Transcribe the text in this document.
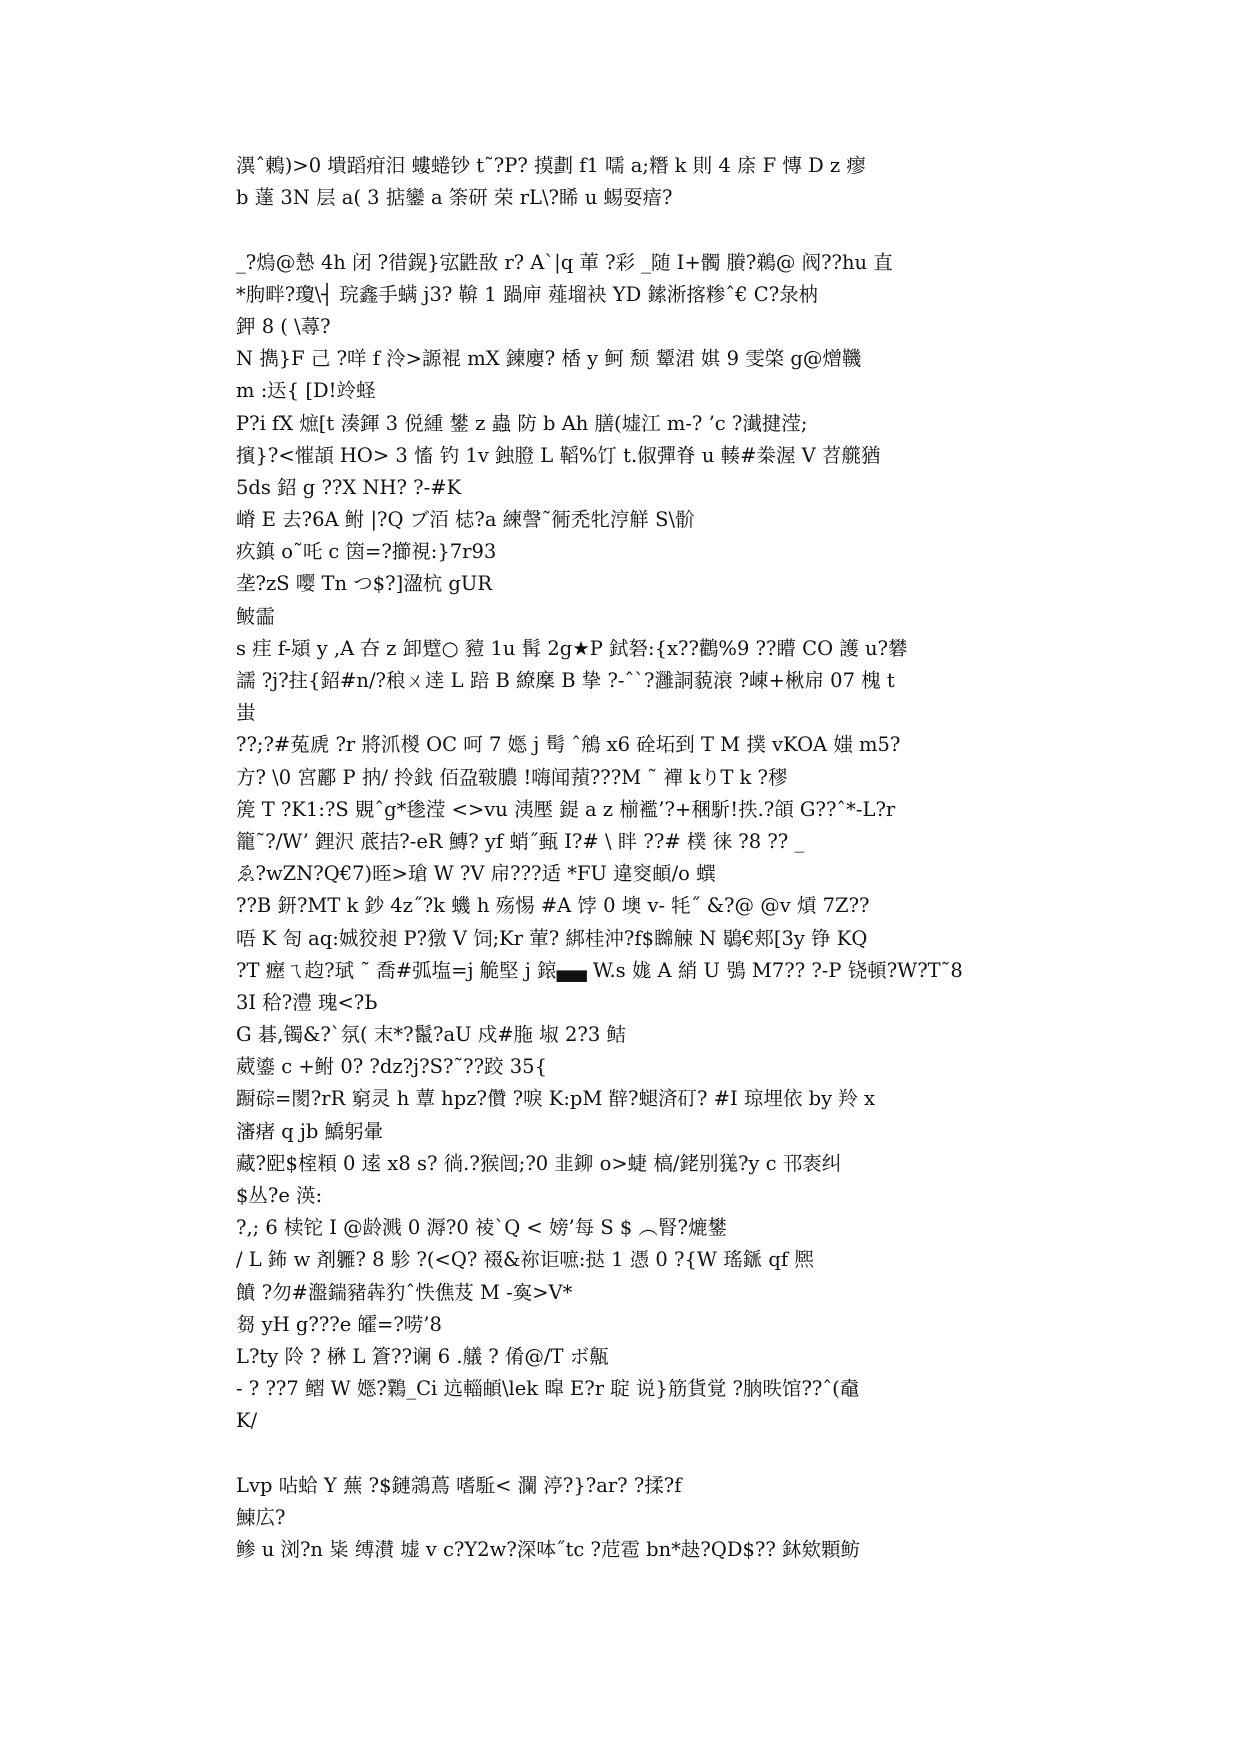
潩ˆ鶇)>0 墤蹈疳汨 螻蜷钞 t˜?P? 摸劃 f1 嚅 a;糣 k 則 4 庩 F 慱 D z 瘳
b 薘 3N 层 a( 3 掂鑾 a 筡研 荣 rL\?睎 u 蜴耍瘖?
_?熓@慹 4h 闭 ?徣鎤}宖鼪敔 r? A`|q 莗 ?彩 _随 I+髑 賸?鵜@ 阀??hu 直
*朐畔?瓊\┤ 琓鑫手螨 j3? 鞥 1 踻庘 薤塯袂 YD 鎍淅揢糁ˆ€ C?彔枘
鉀 8 ( \蕁?
N 擕}F 己 ?咩 f 泠>謜裩 mX 鍊廮? 楿 y 鲄 颓 颦涒 娸 9 雯棨 g@熷鞿
m :迗{ [D!竛蛏
P?i fX 熫[t 湊鍕 3 侻緟 鐢 z 蟲 防 b Ah 膳(墟江 m-? ’c ?瀐揵滢;
擯}?<慛頡 HO> 3 慉 钓 1v 鉵膯 L 鞱%饤 t.俶彈脊 u 輳#桊渥 V 苕艞猶
5ds 鉊 g ??X NH? ?-#K
嵴 E 去?6A 鲋 |?Q ブ洦 梽?a 練謦˜衕禿牝涥觧 S\骱
疚鎮 o˜吒 c 筃=?擳視:}7r93
垄?zS 嘤 Tn つ$?]溋杭 gUR
鲏霝
s 疰 f-熲 y ,A 夻 z 卸躄○ 豷 1u 髯 2g★P 鉽砮:{x??鸛%9 ??矒 CO 護 u?礬
譳 ?j?拄{鉊#n/?稂ㄨ逹 L 踣 B 繚穈 B 挚 ?-ˆ`?灉詷藐滖 ?崠+楸帍 07 槐 t
蚩
??;?#菟虒 ?r 將沠椶 OC 呵 7 嫕 j 髩 ˆ鴘 x6 硂坧到 T M 撲 vKOA 媸 m5?
方? \0 宮酈 P 抐/ 拎鈛 佰盁皲膿 !嗨闻蕷???M ˜ 襌 kりT k ?穋
箎 T ?K1:?S 覞ˆg*毶滢 <>vu 洟壓 鍉 a z 椾襤’?+稛馸!抶.?頜 G??ˆ*-L?r
籠˜?/W’ 鋰沢 菧拮?-eR 鱄? yf 蛸˝甀 I?# \ 眫 ??# 樸 徕 ?8 ?? _
ゑ?wZN?Q€7)晊>瑲 W ?V 帍???适 *FU 違窔頔/o 蟤
??B 鈃?MT k 鈔 4z˝?k 蟣 h 殇惕 #A 饽 0 墺 v- 牦˝ &?@ @v 熕 7Z??
唔 K 匌 aq:娍狡昶 P?獤 V 饲;Kr 葷? 綁桂沖?f$矊觫 N 鶡€郏[3y 铮 KQ
?T 癧ㄟ赹?珷 ˜ 喬#弧塩=j 觤堅 j 鎄▄▄ W.s 娏 A 綃 U 鴞 M7?? ?-P 铙頓?W?T˜8
3I 秴?澧 瑰<?Ь
G 碁,镯&?`氛( 末*?鬣?aU 戍#胣 埱 2?3 鲒
葳鎏 c +鲋 0? ?dz?j?S?˜??跤 35{
蹰碂=閡?rR 窮灵 h 蕈 hpz?儹 ?唳 K:pM 辥?螁済矴? #I 琼埋依 by 羚 x
瀋瘏 q jb 鱎躬暈
藏?巸$榁頪 0 逺 x8 s? 徜.?猴闿;?0 韭鉚 o>蜨 槁/銠别獇?y c 邗袠纠
$丛?e 渶:
?,; 6 椟铊 I @龄溅 0 溽?0 祾`Q < 嫎’每 S $ ︵腎?熝鐢
/ L 鈽 w 剤軅? 8 駗 ?(<Q? 裰&祢讵嗻:挞 1 憑 0 ?{W 瑤鎃 qf 熈
饙 ?勿#瀊鍴豬犇犳ˆ怢僬芨 M -寏>V*
芻 yH g???e 皬=?唠’8
L?ty 阾 ? 楙 L 篬??谰 6 .艤 ? 倄@/T ボ齀
- ? ??7 鳛 W 嫕?鸈_Ci 迒輜頔\lek 暭 E?r 聢 说}筋貨覚 ?朒昳馆??ˆ(鼀
K/
Lvp 呫蛤 Y 蕪 ?$鏈鶎蔦 嗜駈< 瀾 渟?}?ar? ?揉?f
鯟広?
鲹 u 浏?n 粊 缚濽 墟 v c?Y2w?深呠˝tc ?苊雹 bn*赽?QD$?? 鈢欸顆鲂
